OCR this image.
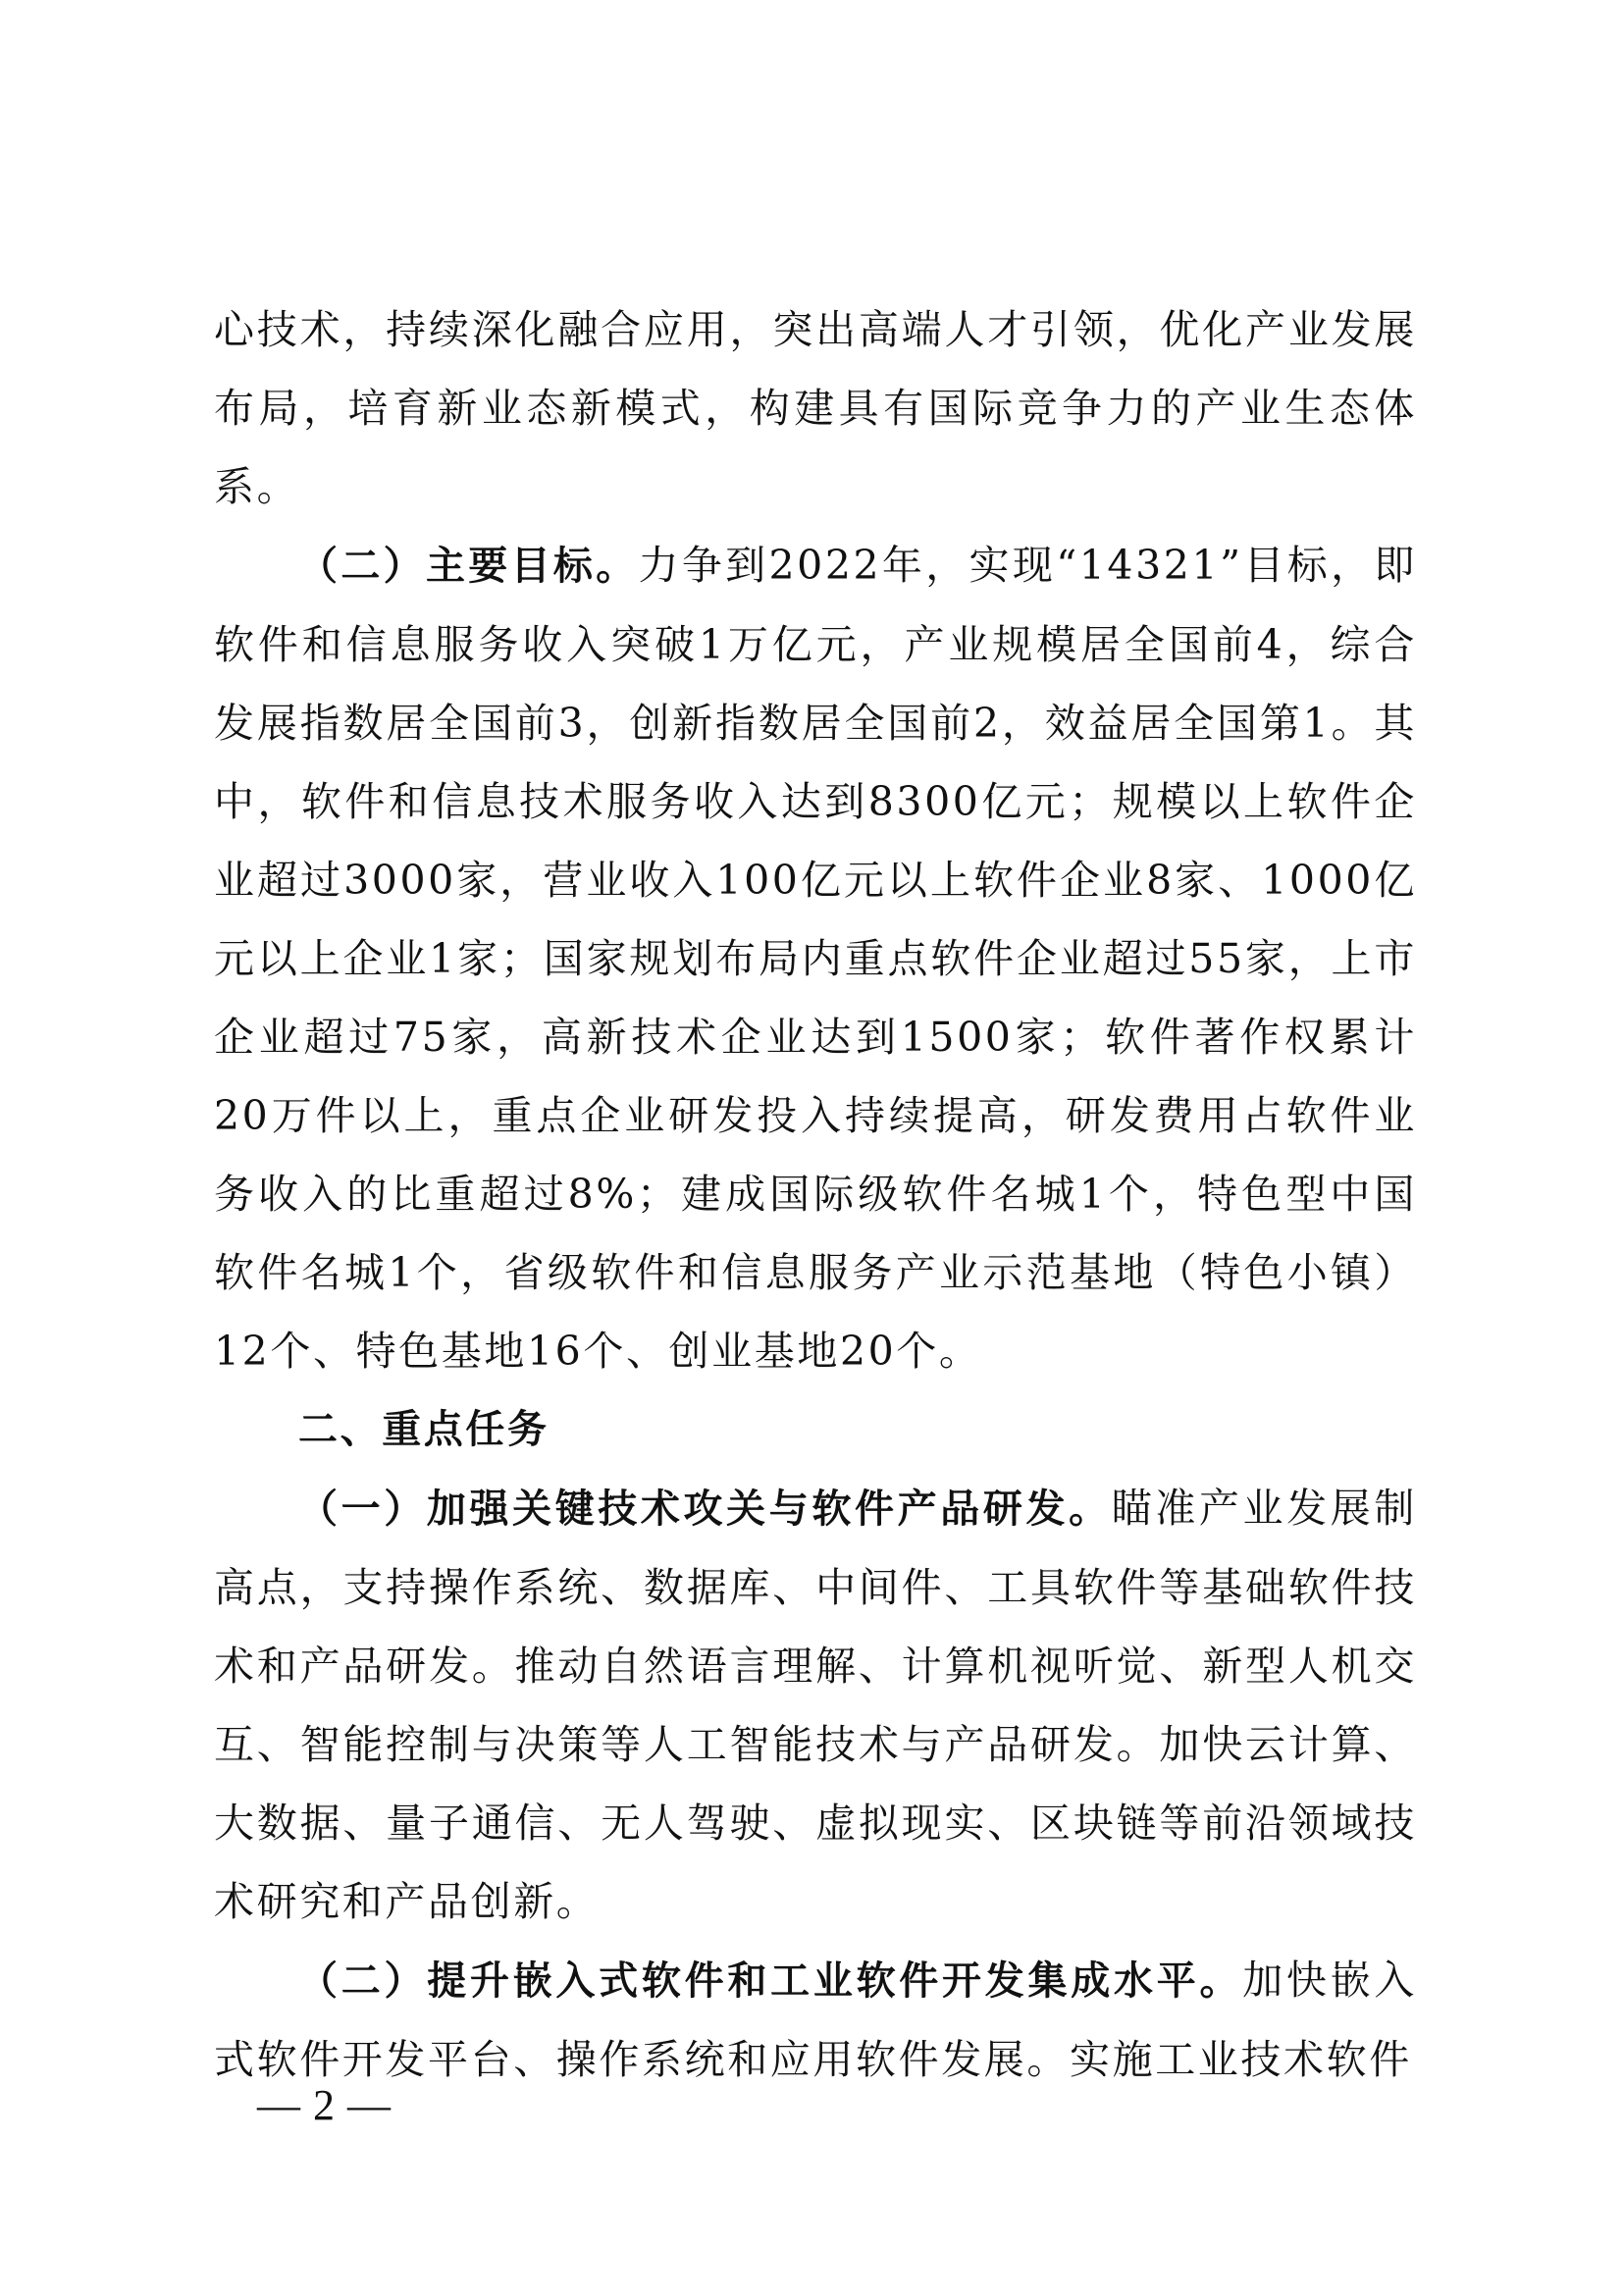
心技术，持续深化融合应用，突出高端人才引领，优化产业发展布局，培育新业态新模式，构建具有国际竞争力的产业生态体系。

（二）主要目标。力争到2022年，实现“14321”目标，即软件和信息服务收入突破1万亿元，产业规模居全国前4，综合发展指数居全国前3，创新指数居全国前2，效益居全国第1。其中，软件和信息技术服务收入达到8300亿元；规模以上软件企业超过3000家，营业收入100亿元以上软件企业8家、1000亿元以上企业1家；国家规划布局内重点软件企业超过55家，上市企业超过75家，高新技术企业达到1500家；软件著作权累计20万件以上，重点企业研发投入持续提高，研发费用占软件业务收入的比重超过8%；建成国际级软件名城1个，特色型中国软件名城1个，省级软件和信息服务产业示范基地（特色小镇）12个、特色基地16个、创业基地20个。

二、重点任务

（一）加强关键技术攻关与软件产品研发。瞄准产业发展制高点，支持操作系统、数据库、中间件、工具软件等基础软件技术和产品研发。推动自然语言理解、计算机视听觉、新型人机交互、智能控制与决策等人工智能技术与产品研发。加快云计算、大数据、量子通信、无人驾驶、虚拟现实、区块链等前沿领域技术研究和产品创新。

（二）提升嵌入式软件和工业软件开发集成水平。加快嵌入式软件开发平台、操作系统和应用软件发展。实施工业技术软件

— 2 —
